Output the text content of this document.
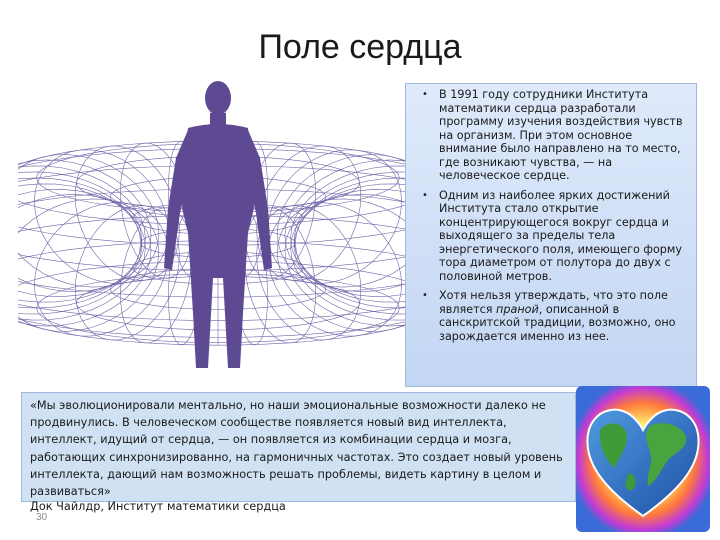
Поле сердца
• В 1991 году сотрудники Института математики сердца разработали программу изучения воздействия чувств на организм. При этом основное внимание было направлено на то место, где возникают чувства, — на человеческое сердце.
• Одним из наиболее ярких достижений Института стало открытие концентрирующегося вокруг сердца и выходящего за пределы тела энергетического поля, имеющего форму тора диаметром от полутора до двух с половиной метров.
• Хотя нельзя утверждать, что это поле является праной, описанной в санскритской традиции, возможно, оно зарождается именно из нее.
«Мы эволюционировали ментально, но наши эмоциональные возможности далеко не
продвинулись. В человеческом сообществе появляется новый вид интеллекта,
интеллект, идущий от сердца, — он появляется из комбинации сердца и мозга,
работающих синхронизированно, на гармоничных частотах. Это создает новый уровень
интеллекта, дающий нам возможность решать проблемы, видеть картину в целом и
развиваться»
Док Чайлдр, Институт математики сердца
30
